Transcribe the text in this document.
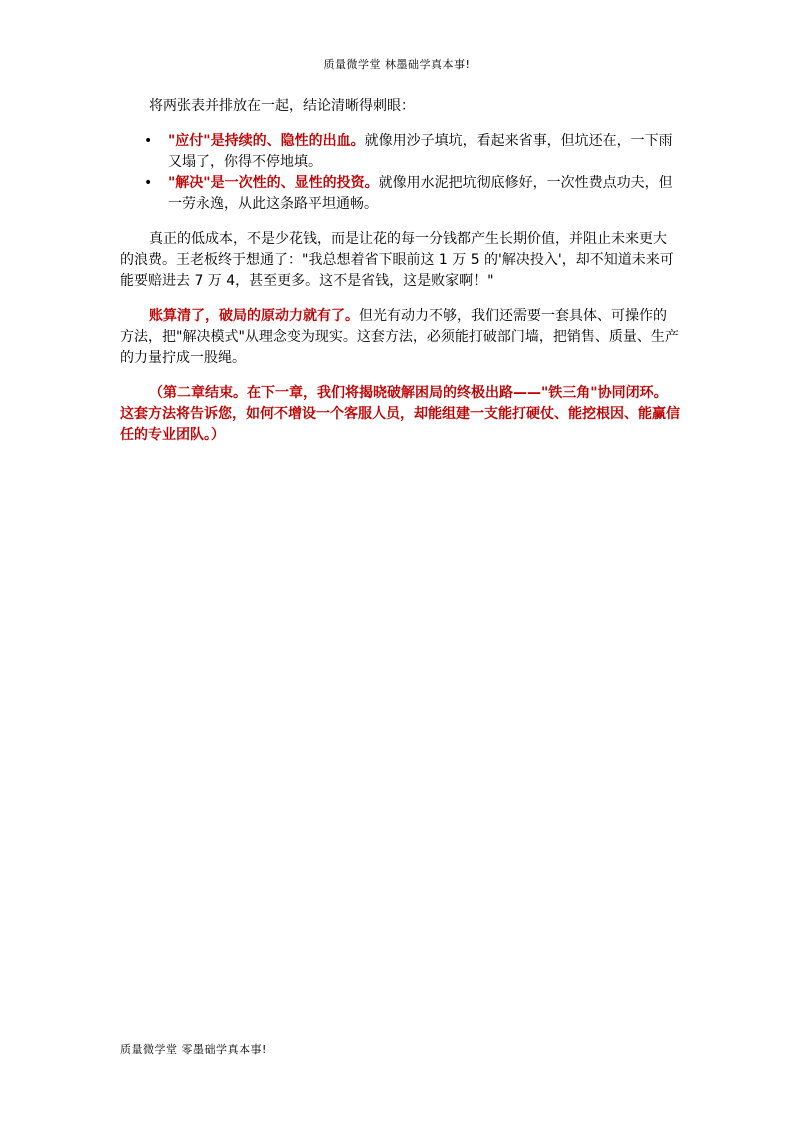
质量微学堂 林墨础学真本事!

将两张表并排放在一起，结论清晰得刺眼：

• "应付"是持续的、隐性的出血。就像用沙子填坑，看起来省事，但坑还在，一下雨又塌了，你得不停地填。
• "解决"是一次性的、显性的投资。就像用水泥把坑彻底修好，一次性费点功夫，但一劳永逸，从此这条路平坦通畅。

真正的低成本，不是少花钱，而是让花的每一分钱都产生长期价值，并阻止未来更大的浪费。王老板终于想通了："我总想着省下眼前这 1 万 5 的'解决投入'，却不知道未来可能要赔进去 7 万 4，甚至更多。这不是省钱，这是败家啊！"

账算清了，破局的原动力就有了。但光有动力不够，我们还需要一套具体、可操作的方法，把"解决模式"从理念变为现实。这套方法，必须能打破部门墙，把销售、质量、生产的力量拧成一股绳。

（第二章结束。在下一章，我们将揭晓破解困局的终极出路——"铁三角"协同闭环。这套方法将告诉您，如何不增设一个客服人员，却能组建一支能打硬仗、能挖根因、能赢信任的专业团队。）

质量微学堂 零墨础学真本事!
